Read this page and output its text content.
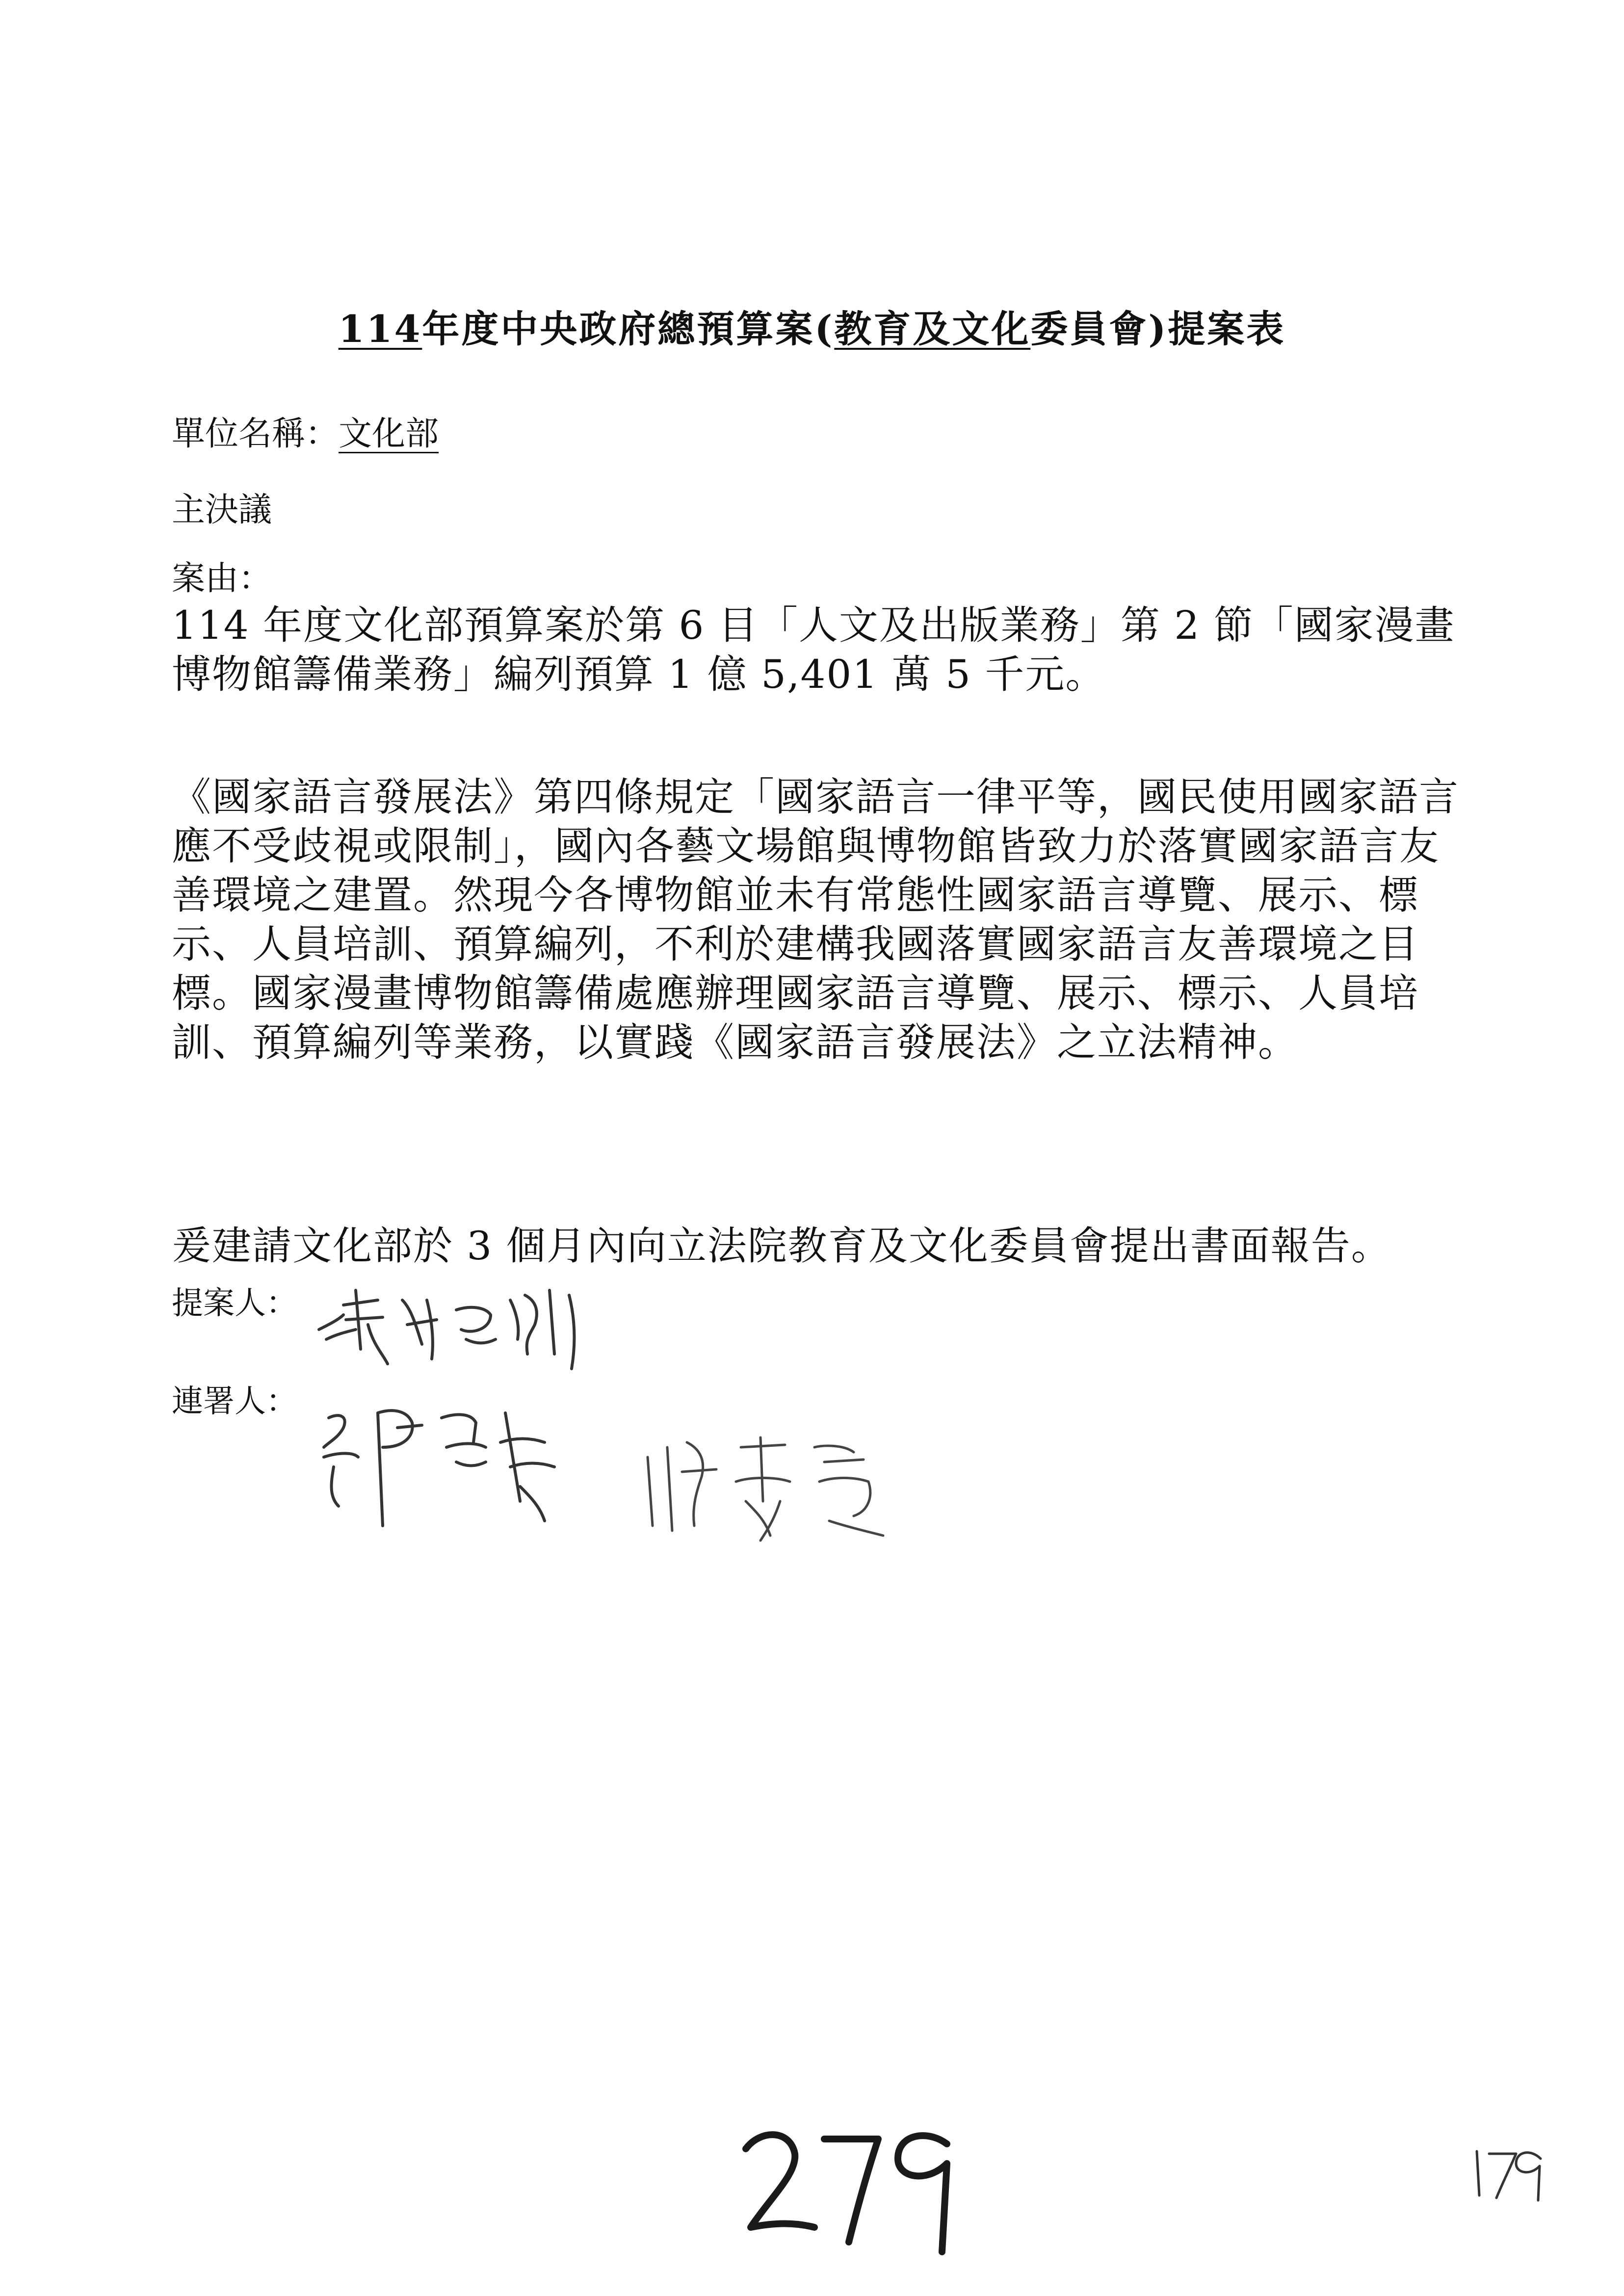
114年度中央政府總預算案(教育及文化委員會)提案表
單位名稱：文化部
主決議
案由：

114 年度文化部預算案於第 6 目「人文及出版業務」第 2 節「國家漫畫博物館籌備業務」編列預算 1 億 5,401 萬 5 千元。

《國家語言發展法》第四條規定「國家語言一律平等，國民使用國家語言應不受歧視或限制」，國內各藝文場館與博物館皆致力於落實國家語言友善環境之建置。然現今各博物館並未有常態性國家語言導覽、展示、標示、人員培訓、預算編列，不利於建構我國落實國家語言友善環境之目標。國家漫畫博物館籌備處應辦理國家語言導覽、展示、標示、人員培訓、預算編列等業務，以實踐《國家語言發展法》之立法精神。

爰建請文化部於 3 個月內向立法院教育及文化委員會提出書面報告。

提案人：
連署人：
